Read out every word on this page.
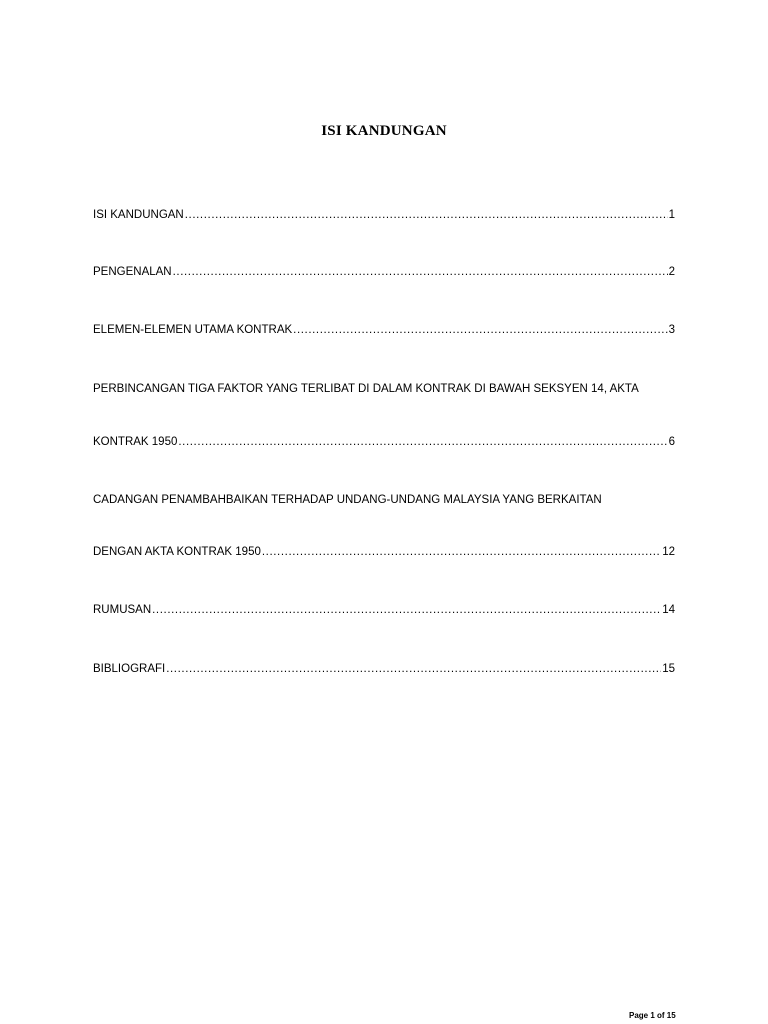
ISI KANDUNGAN
ISI KANDUNGAN .....	1
PENGENALAN .....	2
ELEMEN-ELEMEN UTAMA KONTRAK .....	3
PERBINCANGAN TIGA FAKTOR YANG TERLIBAT DI DALAM KONTRAK DI BAWAH SEKSYEN 14, AKTA
KONTRAK 1950 .....	6
CADANGAN PENAMBAHBAIKAN TERHADAP UNDANG-UNDANG MALAYSIA YANG BERKAITAN
DENGAN AKTA KONTRAK 1950 .....	12
RUMUSAN .....	14
BIBLIOGRAFI .....	15
Page 1 of 15
